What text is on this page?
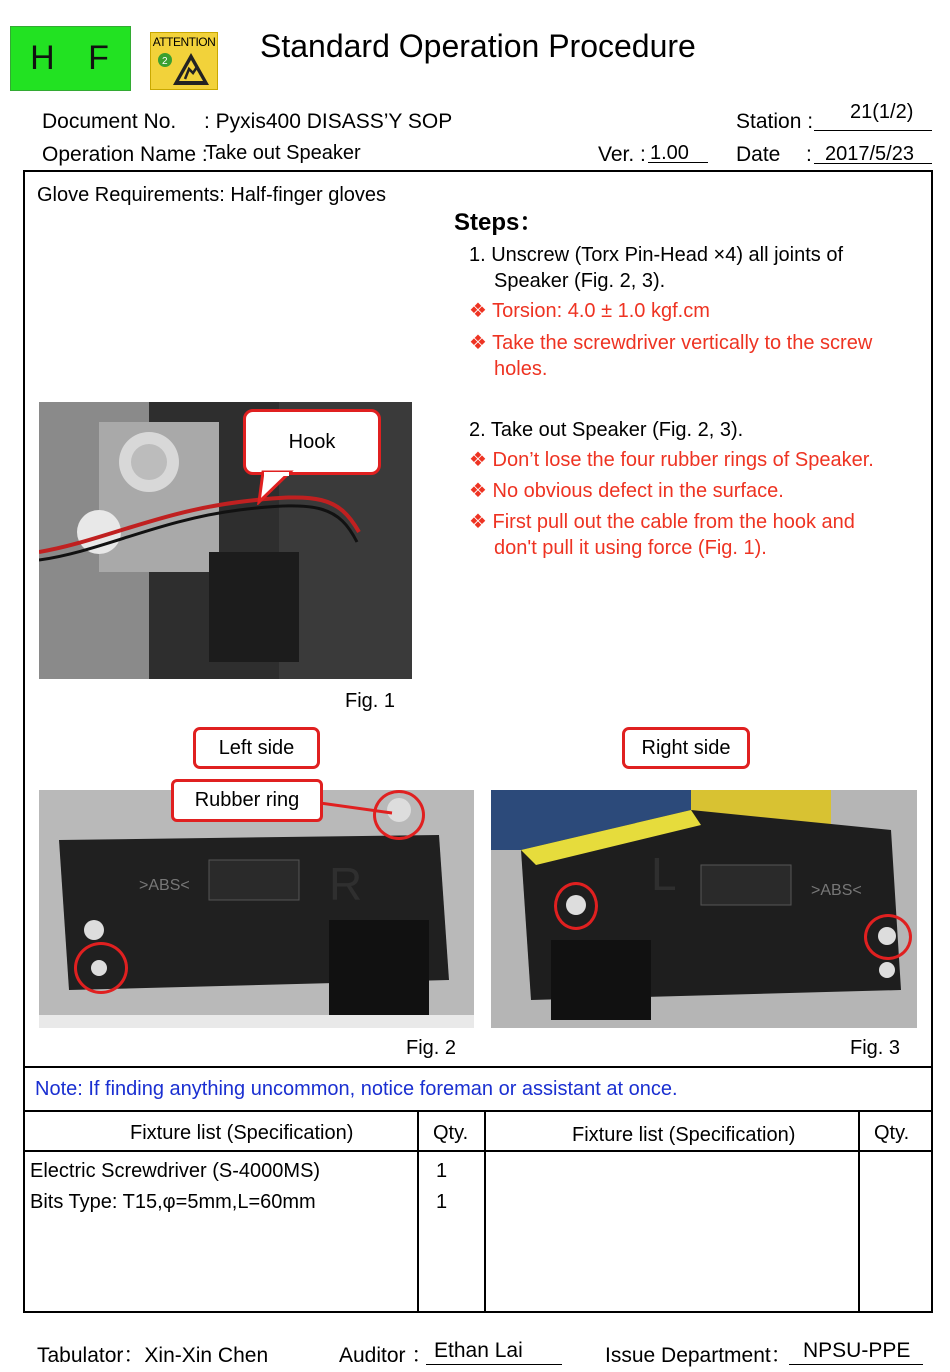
H F	ATTENTION
2	Standard Operation Procedure
Document No. : Pyxis400 DISASS’Y SOP	Station : 21(1/2)
Operation Name :
Take out Speaker	Ver. : 1.00 Date : 2017/5/23
Glove Requirements: Half-finger gloves
Steps：
1. Unscrew (Torx Pin-Head ×4) all joints of
Speaker (Fig. 2, 3).
❖ Torsion: 4.0 ± 1.0 kgf.cm
❖ Take the screwdriver vertically to the screw
holes.
2. Take out Speaker (Fig. 2, 3).
❖ Don’t lose the four rubber rings of Speaker.
❖ No obvious defect in the surface.
❖ First pull out the cable from the hook and
don't pull it using force (Fig. 1).
Hook
Fig. 1
Left side	Right side
>ABS<	R
Rubber ring
Fig. 2
>ABS<
L
Fig. 3
Note: If finding anything uncommon, notice foreman or assistant at once.
Fixture list (Specification)	Qty.	Fixture list (Specification)	Qty.
Electric Screwdriver (S-4000MS)	1
Bits Type: T15,φ=5mm,L=60mm	1
Tabulator：Xin-Xin Chen	Auditor ： Ethan Lai	Issue Department： NPSU-PPE
